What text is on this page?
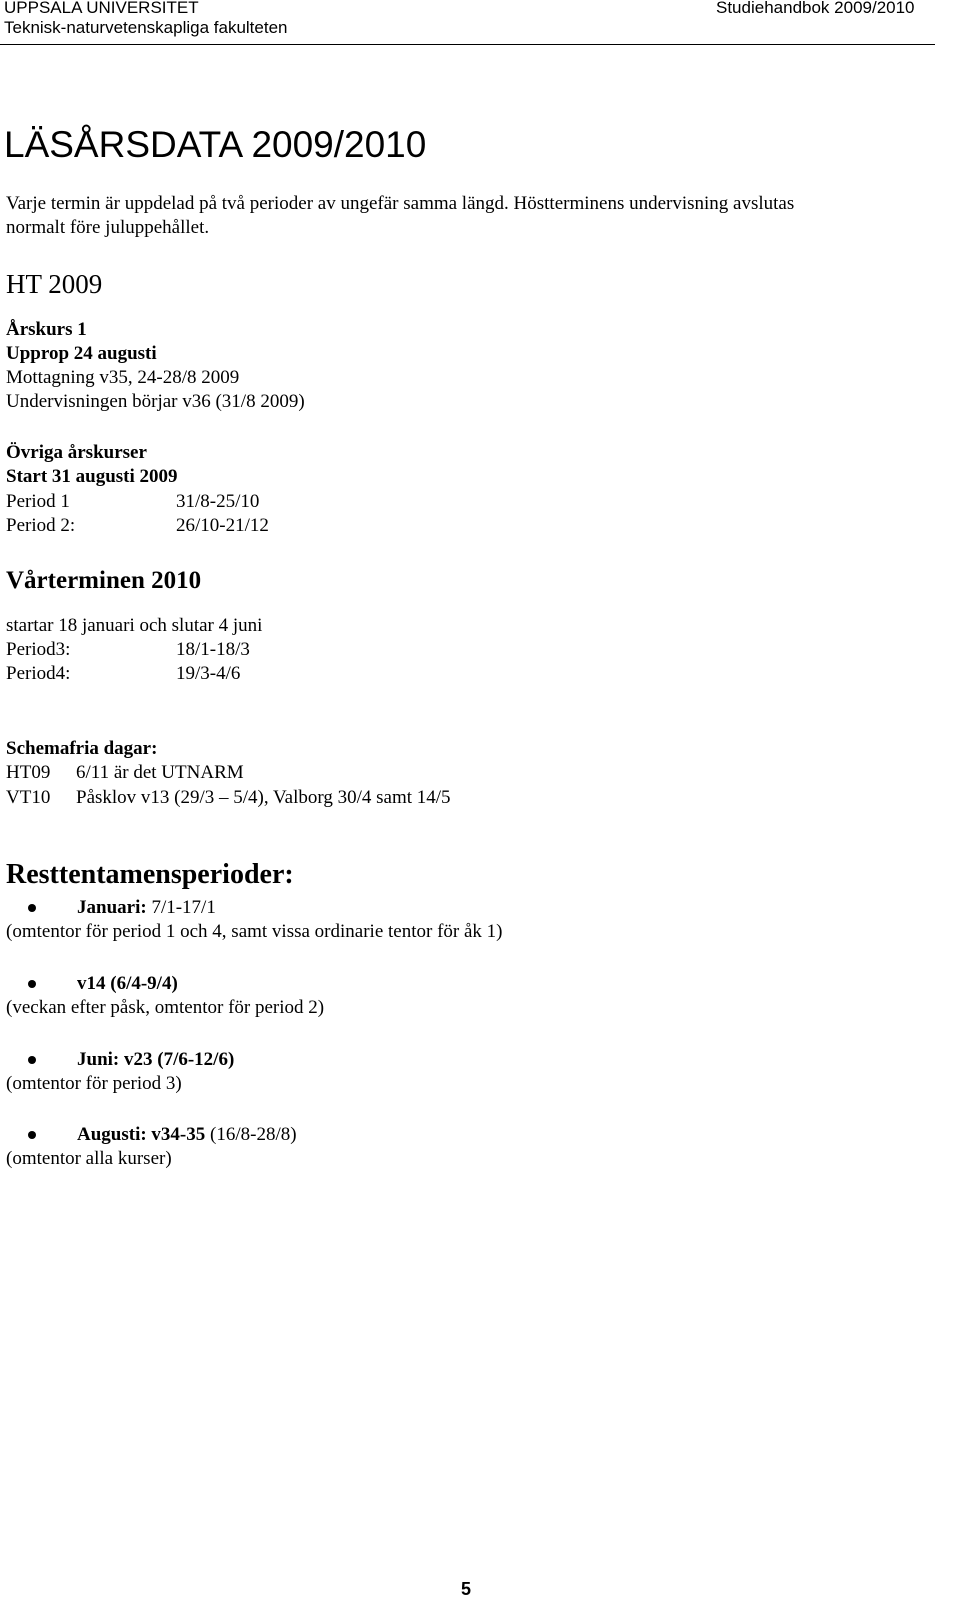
UPPSALA UNIVERSITET
Teknisk-naturvetenskapliga fakulteten
Studiehandbok 2009/2010
LÄSÅRSDATA 2009/2010
Varje termin är uppdelad på två perioder av ungefär samma längd. Höstterminens undervisning avslutas
normalt före juluppehållet.
HT 2009
Årskurs 1
Upprop 24 augusti
Mottagning v35, 24-28/8 2009
Undervisningen börjar v36 (31/8 2009)
Övriga årskurser
Start 31 augusti 2009
Period 1	31/8-25/10
Period 2:	26/10-21/12
Vårterminen 2010
startar 18 januari och slutar 4 juni
Period3:	18/1-18/3
Period4:	19/3-4/6
Schemafria dagar:
HT09 6/11 är det UTNARM
VT10 Påsklov v13 (29/3 – 5/4), Valborg 30/4 samt 14/5
Resttentamensperioder:
Januari: 7/1-17/1
(omtentor för period 1 och 4, samt vissa ordinarie tentor för åk 1)
v14 (6/4-9/4)
(veckan efter påsk, omtentor för period 2)
Juni: v23 (7/6-12/6)
(omtentor för period 3)
Augusti: v34-35 (16/8-28/8)
(omtentor alla kurser)
5
